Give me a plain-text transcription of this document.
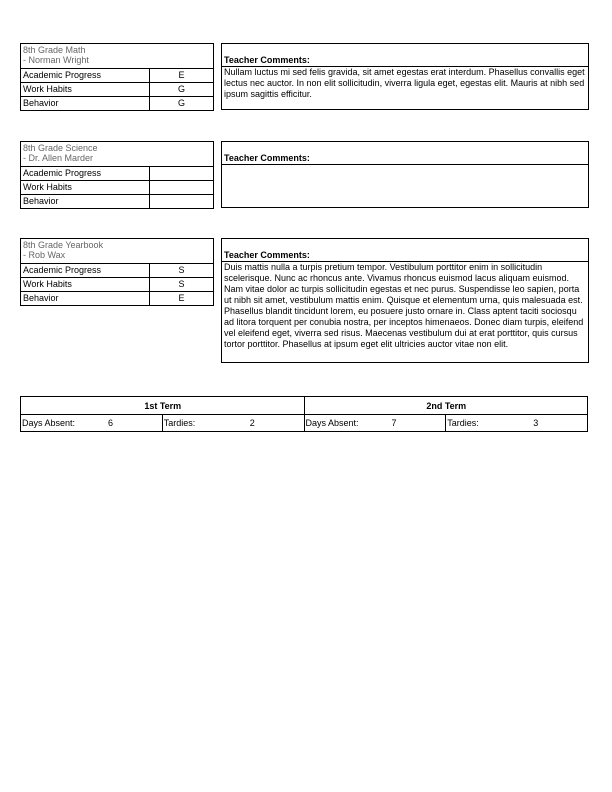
8th Grade Math
- Norman Wright	

Academic Progress	E
Work Habits	G
Behavior	G
Teacher Comments:
Nullam luctus mi sed felis gravida, sit amet egestas erat interdum. Phasellus convallis eget lectus nec auctor. In non elit sollicitudin, viverra ligula eget, egestas elit. Mauris at nibh sed ipsum sagittis efficitur.
8th Grade Science
- Dr. Allen Marder	

Academic Progress	
Work Habits	
Behavior	
Teacher Comments:
8th Grade Yearbook
- Rob Wax	

Academic Progress	S
Work Habits	S
Behavior	E
Teacher Comments:
Duis mattis nulla a turpis pretium tempor. Vestibulum porttitor enim in sollicitudin scelerisque. Nunc ac rhoncus ante. Vivamus rhoncus euismod lacus aliquam euismod. Nam vitae dolor ac turpis sollicitudin egestas et nec purus. Suspendisse leo sapien, porta ut nibh sit amet, vestibulum mattis enim. Quisque et elementum urna, quis malesuada est. Phasellus blandit tincidunt lorem, eu posuere justo ornare in. Class aptent taciti sociosqu ad litora torquent per conubia nostra, per inceptos himenaeos. Donec diam turpis, eleifend vel eleifend eget, viverra sed risus. Maecenas vestibulum dui at erat porttitor, quis cursus tortor porttitor. Phasellus at ipsum eget elit ultricies auctor vitae non elit.
1st Term		2nd Term	

Days Absent: 6	Tardies: 2	Days Absent: 7	Tardies: 3
